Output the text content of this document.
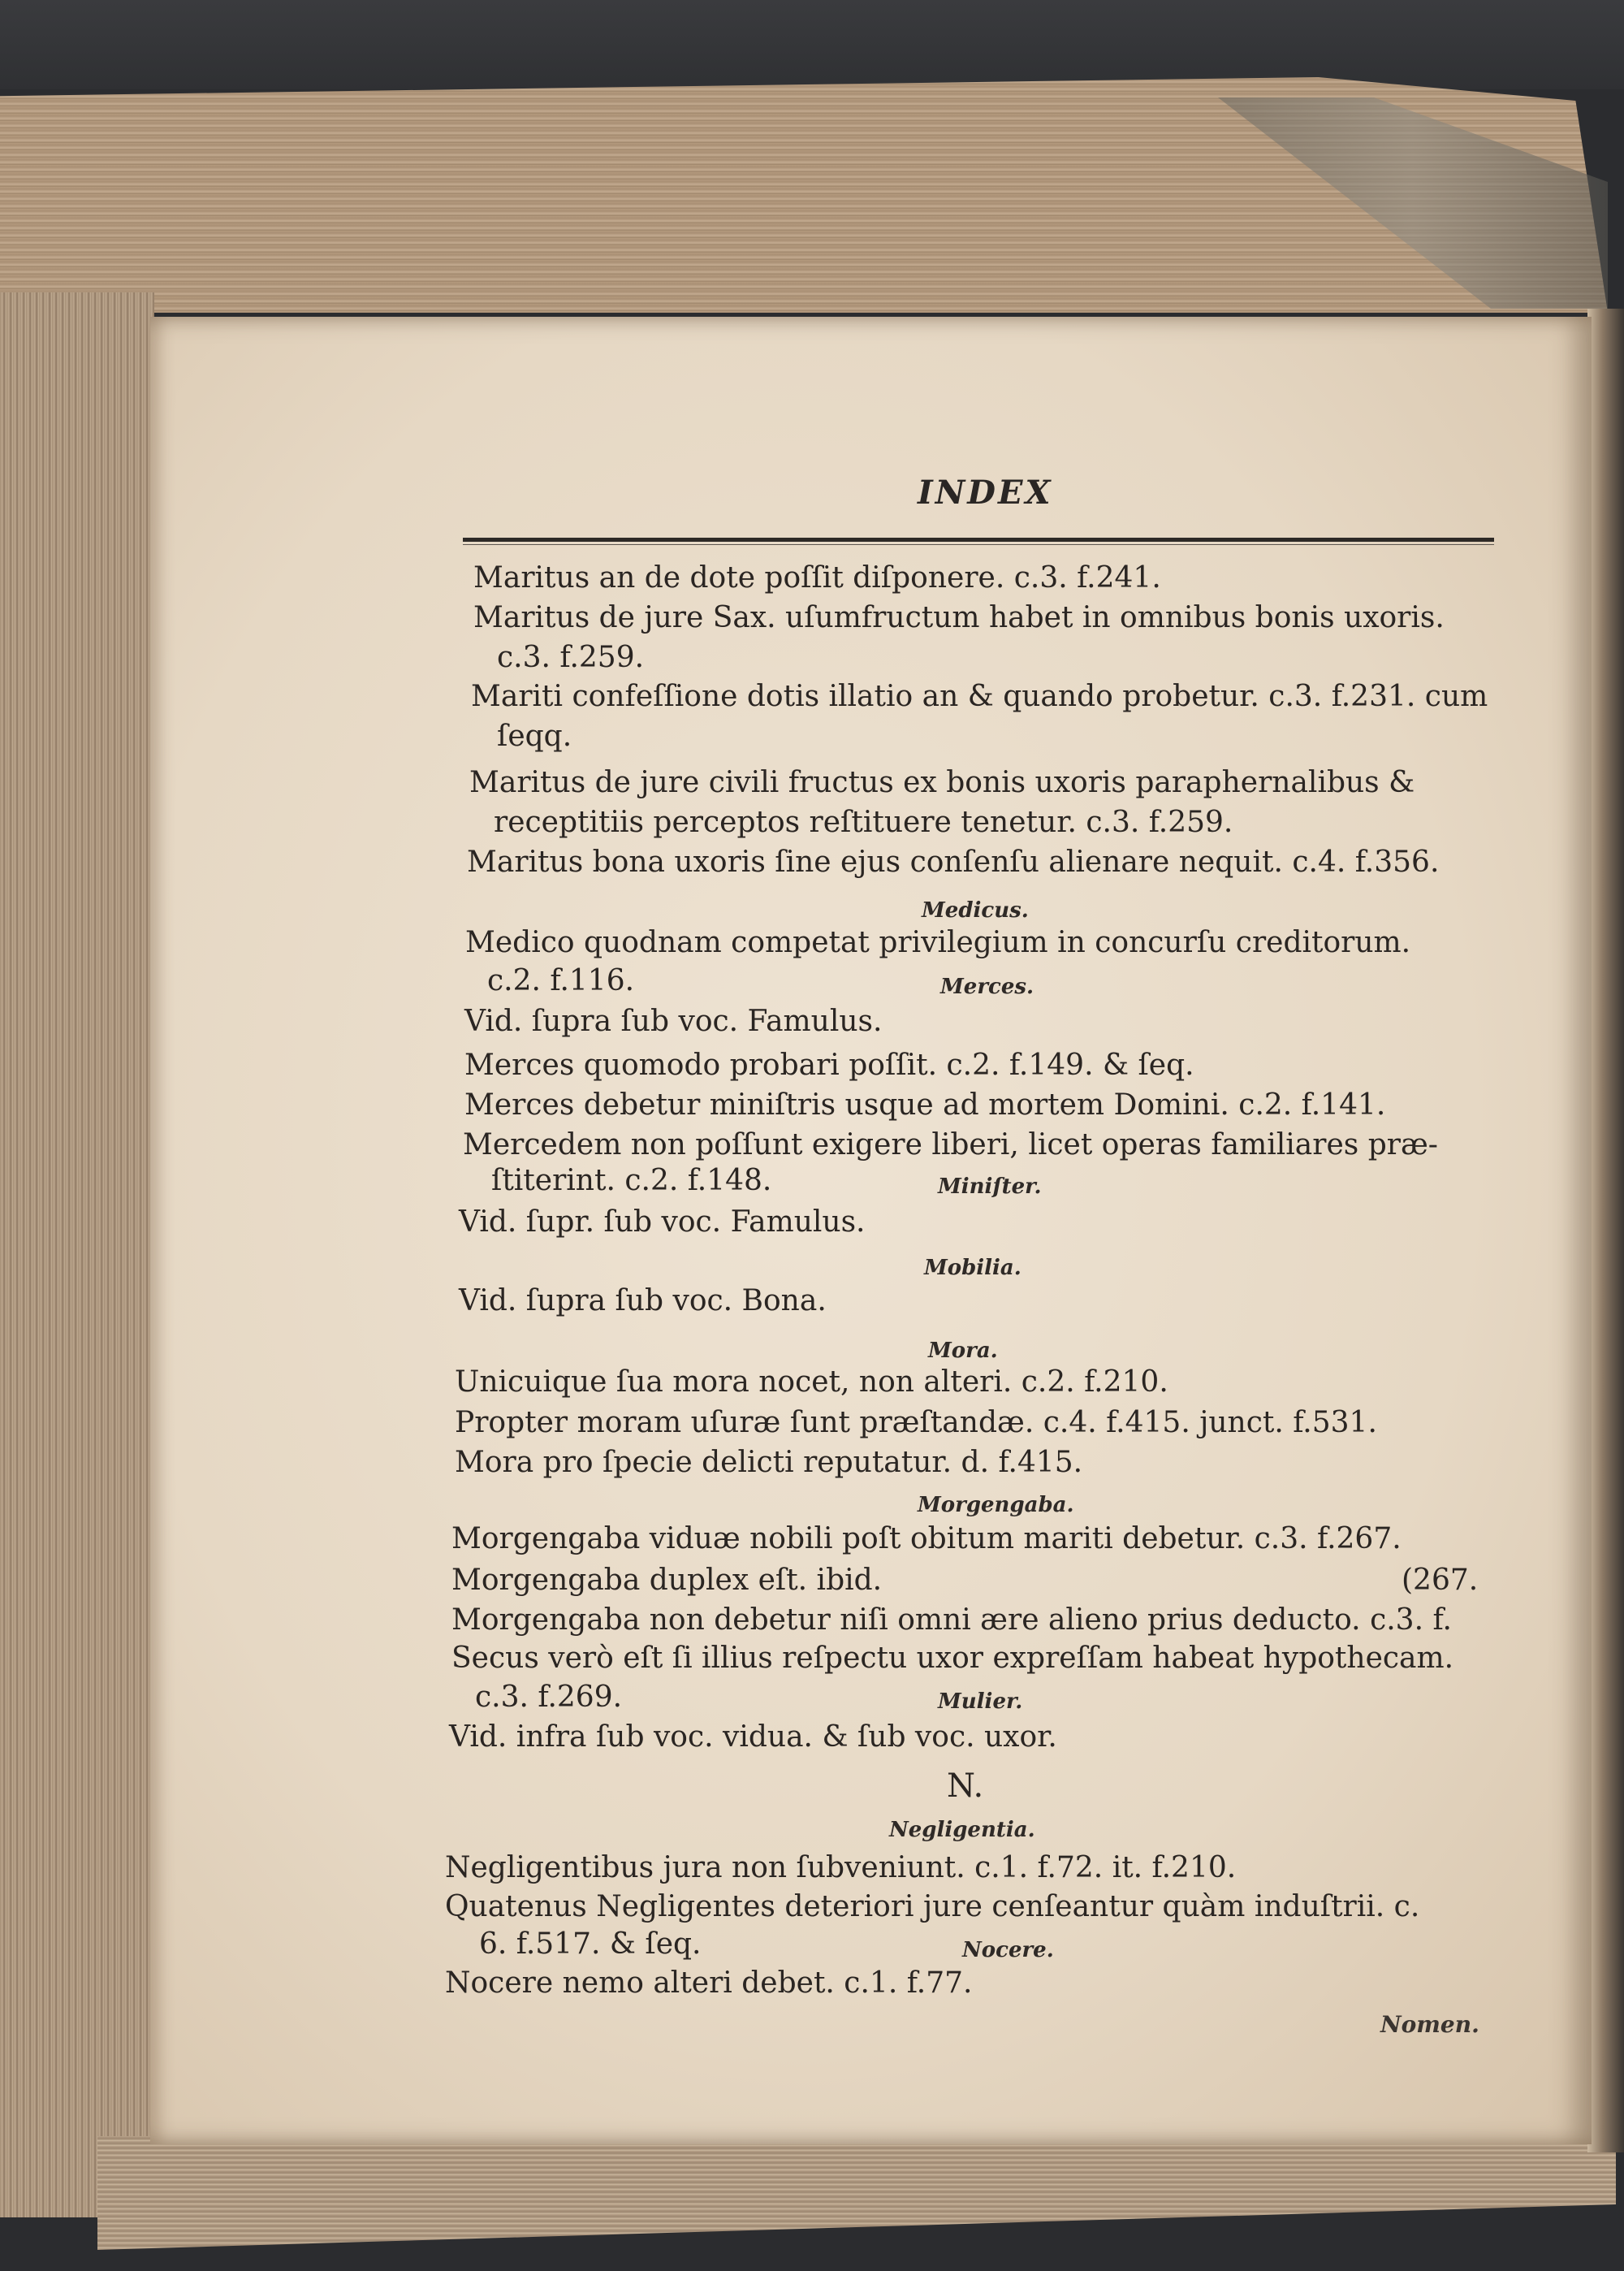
INDEX
Maritus an de dote poſſit diſponere. c.3. f.241.
Maritus de jure Sax. uſumfructum habet in omnibus bonis uxoris.
c.3. f.259.
Mariti confeſſione dotis illatio an & quando probetur. c.3. f.231. cum
ſeqq.
Maritus de jure civili fructus ex bonis uxoris paraphernalibus &
receptitiis perceptos reſtituere tenetur. c.3. f.259.
Maritus bona uxoris ſine ejus conſenſu alienare nequit. c.4. f.356.
Medicus.
Medico quodnam competat privilegium in concurſu creditorum.
c.2. f.116.	Merces.
Vid. ſupra ſub voc. Famulus.
Merces quomodo probari poſſit. c.2. f.149. & ſeq.
Merces debetur miniſtris usque ad mortem Domini. c.2. f.141.
Mercedem non poſſunt exigere liberi, licet operas familiares præ-
ſtiterint. c.2. f.148.	Miniſter.
Vid. ſupr. ſub voc. Famulus.
Mobilia.
Vid. ſupra ſub voc. Bona.
Mora.
Unicuique ſua mora nocet, non alteri. c.2. f.210.
Propter moram uſuræ ſunt præſtandæ. c.4. f.415. junct. f.531.
Mora pro ſpecie delicti reputatur. d. f.415.
Morgengaba.
Morgengaba viduæ nobili poſt obitum mariti debetur. c.3. f.267.
Morgengaba duplex eſt. ibid.	(267.
Morgengaba non debetur niſi omni ære alieno prius deducto. c.3. f.
Secus verò eſt ſi illius reſpectu uxor expreſſam habeat hypothecam.
c.3. f.269.	Mulier.
Vid. infra ſub voc. vidua. & ſub voc. uxor.
N.
Negligentia.
Negligentibus jura non ſubveniunt. c.1. f.72. it. f.210.
Quatenus Negligentes deteriori jure cenſeantur quàm induſtrii. c.
6. f.517. & ſeq.	Nocere.
Nocere nemo alteri debet. c.1. f.77.
Nomen.
